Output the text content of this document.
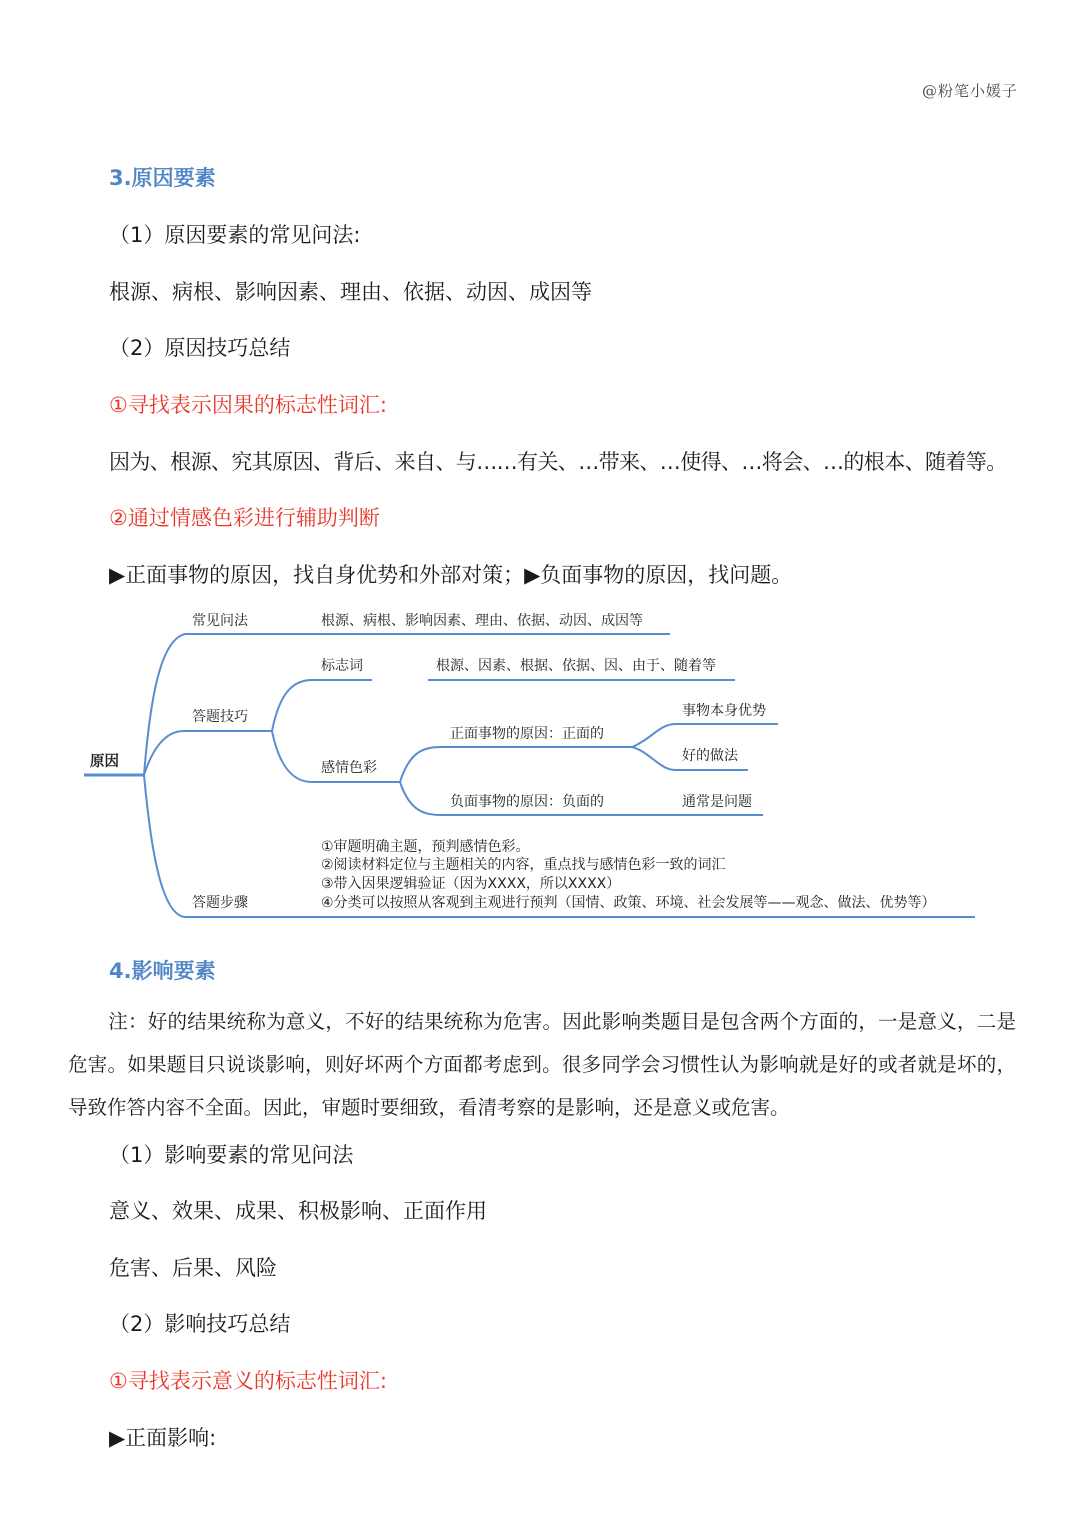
@粉笔小媛子
3.原因要素
（1）原因要素的常见问法:
根源、病根、影响因素、理由、依据、动因、成因等
（2）原因技巧总结
①寻找表示因果的标志性词汇:
因为、根源、究其原因、背后、来自、与……有关、…带来、…使得、…将会、…的根本、随着等。
②通过情感色彩进行辅助判断
▶正面事物的原因，找自身优势和外部对策；▶负面事物的原因，找问题。
原因
常见问法	根源、病根、影响因素、理由、依据、动因、成因等
答题技巧
标志词	根源、因素、根据、依据、因、由于、随着等
感情色彩
正面事物的原因：正面的
事物本身优势
好的做法
负面事物的原因：负面的	通常是问题
答题步骤
①审题明确主题，预判感情色彩。
②阅读材料定位与主题相关的内容，重点找与感情色彩一致的词汇
③带入因果逻辑验证（因为XXXX，所以XXXX）
④分类可以按照从客观到主观进行预判（国情、政策、环境、社会发展等——观念、做法、优势等）
4.影响要素
注：好的结果统称为意义，不好的结果统称为危害。因此影响类题目是包含两个方面的，一是意义，二是危害。如果题目只说谈影响，则好坏两个方面都考虑到。很多同学会习惯性认为影响就是好的或者就是坏的，导致作答内容不全面。因此，审题时要细致，看清考察的是影响，还是意义或危害。
（1）影响要素的常见问法
意义、效果、成果、积极影响、正面作用
危害、后果、风险
（2）影响技巧总结
①寻找表示意义的标志性词汇:
▶正面影响:
